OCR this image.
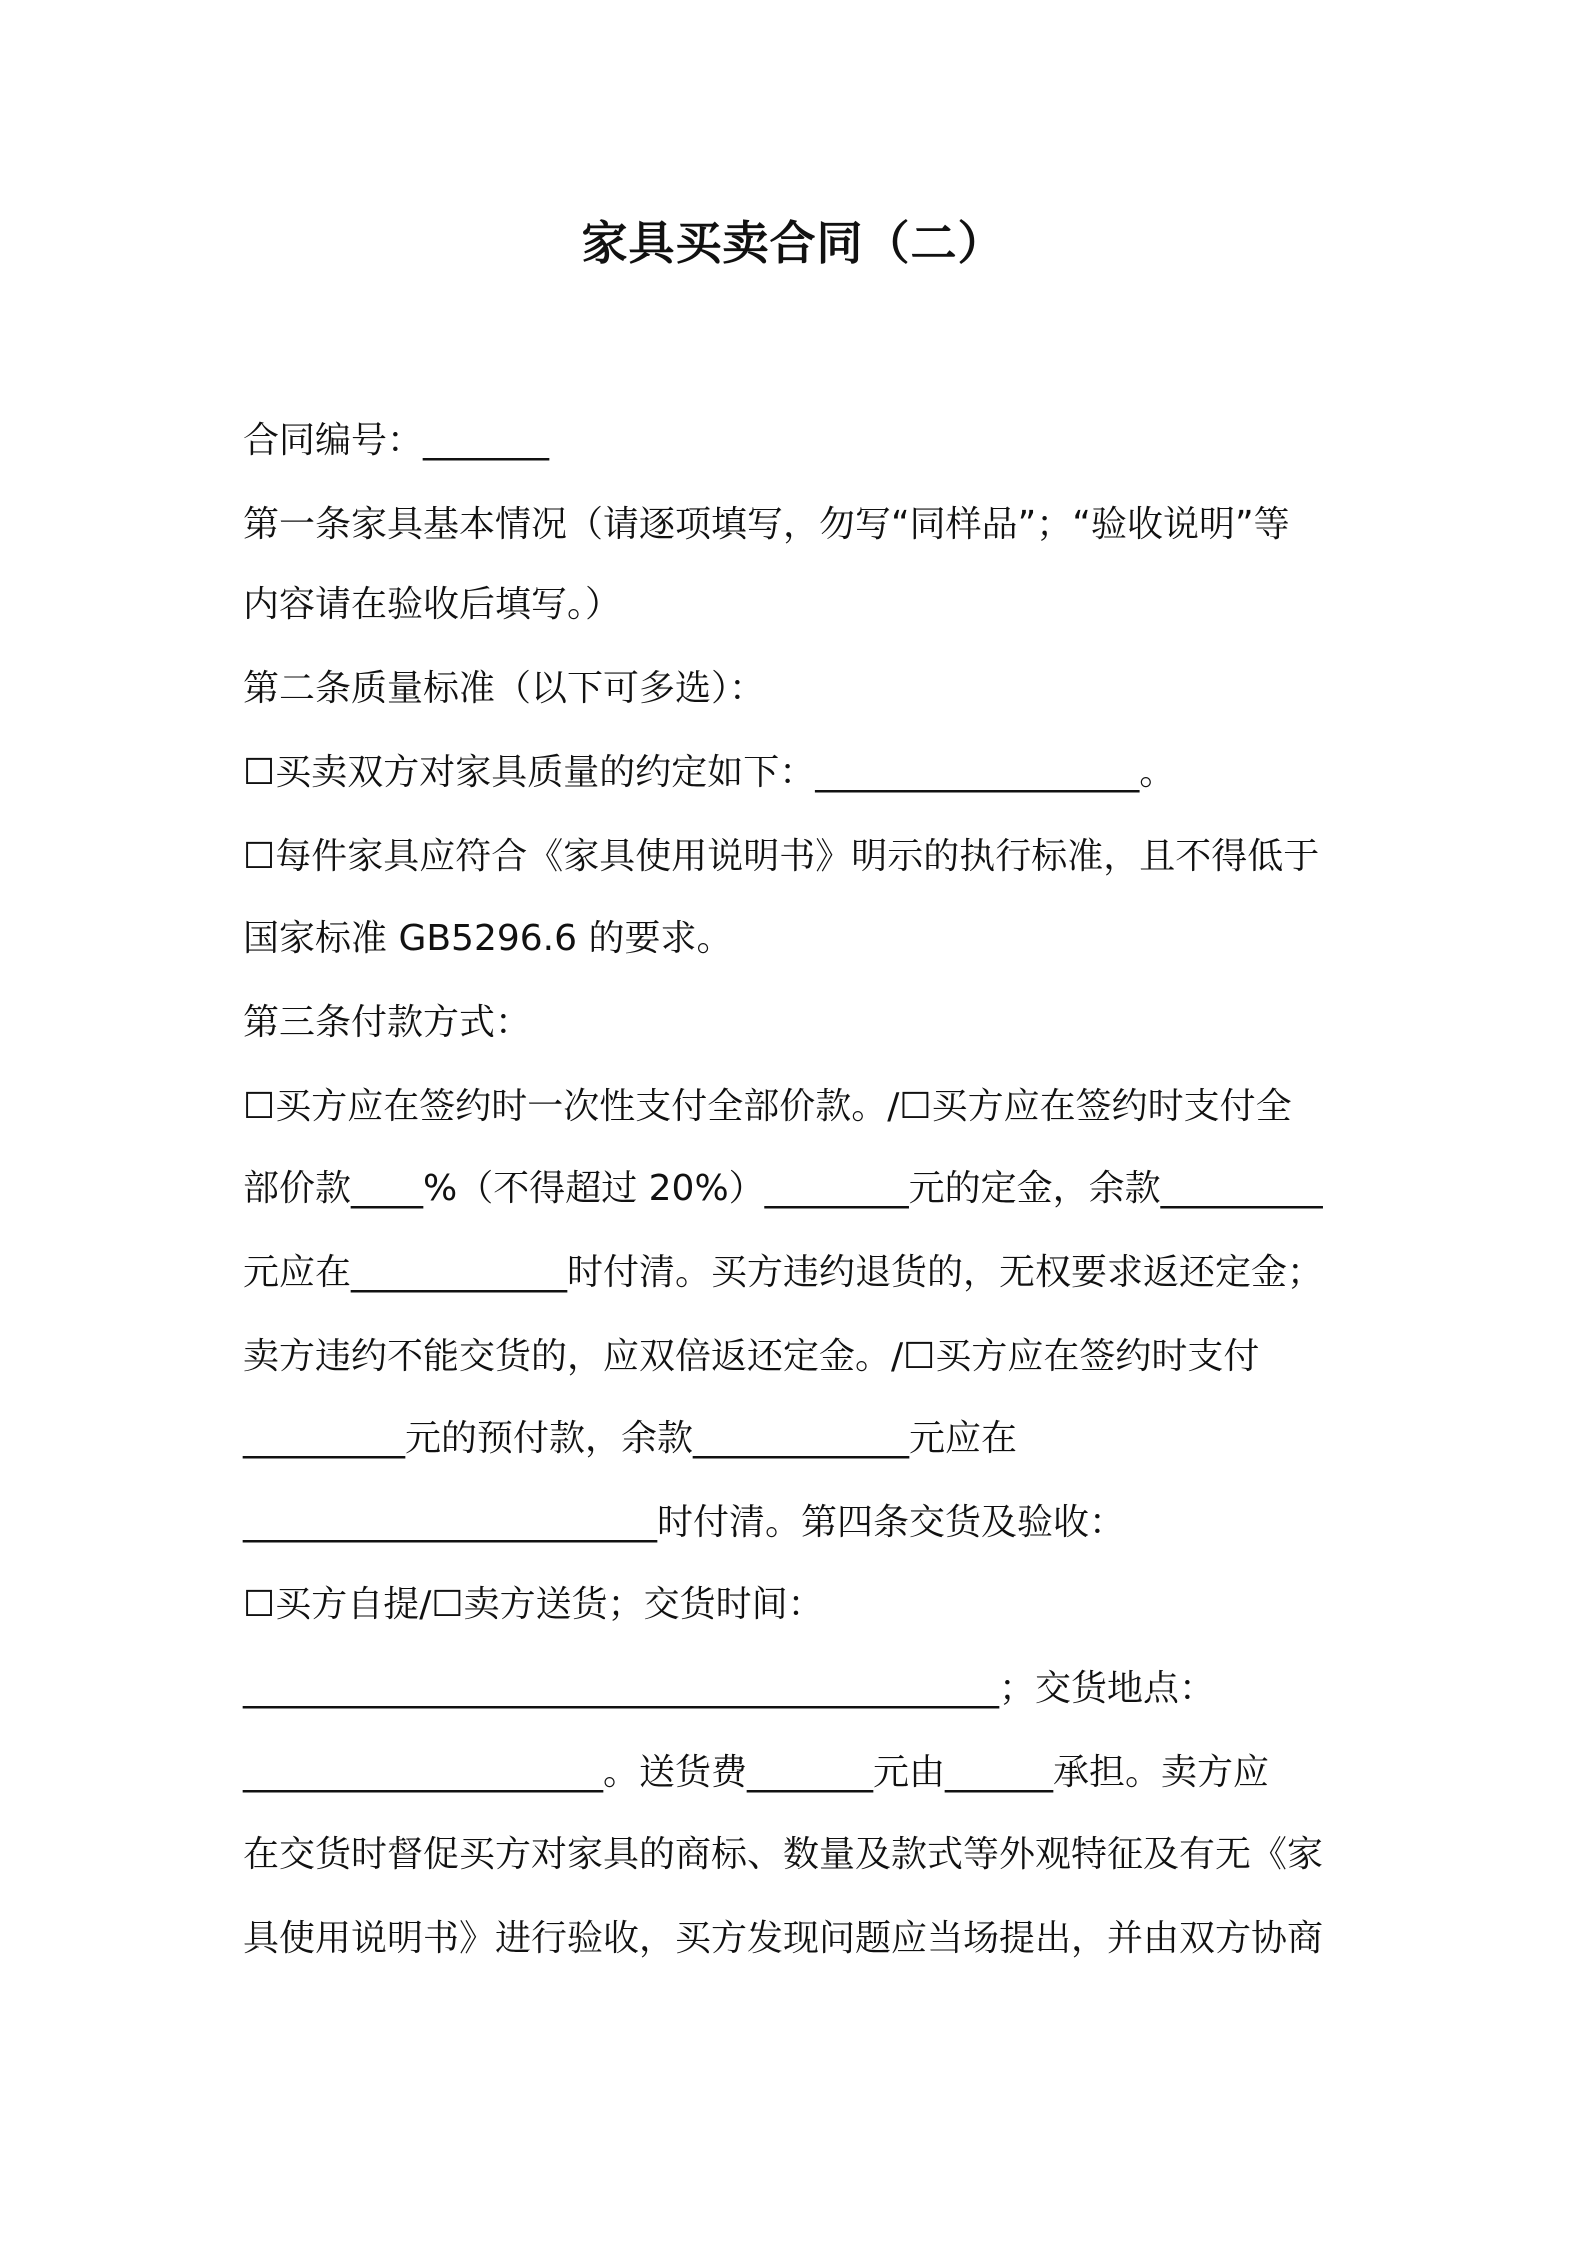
家具买卖合同（二）
合同编号：_______
第一条家具基本情况（请逐项填写，勿写“同样品”；“验收说明”等
内容请在验收后填写。）
第二条质量标准（以下可多选）：
☐买卖双方对家具质量的约定如下：__________________。
☐每件家具应符合《家具使用说明书》明示的执行标准，且不得低于
国家标准 GB5296.6 的要求。
第三条付款方式：
☐买方应在签约时一次性支付全部价款。/☐买方应在签约时支付全
部价款____%（不得超过 20%）________元的定金，余款_________
元应在____________时付清。买方违约退货的，无权要求返还定金；
卖方违约不能交货的，应双倍返还定金。/☐买方应在签约时支付
_________元的预付款，余款____________元应在
_______________________时付清。第四条交货及验收：
☐买方自提/☐卖方送货；交货时间：
__________________________________________；交货地点：
____________________。送货费_______元由______承担。卖方应
在交货时督促买方对家具的商标、数量及款式等外观特征及有无《家
具使用说明书》进行验收，买方发现问题应当场提出，并由双方协商
